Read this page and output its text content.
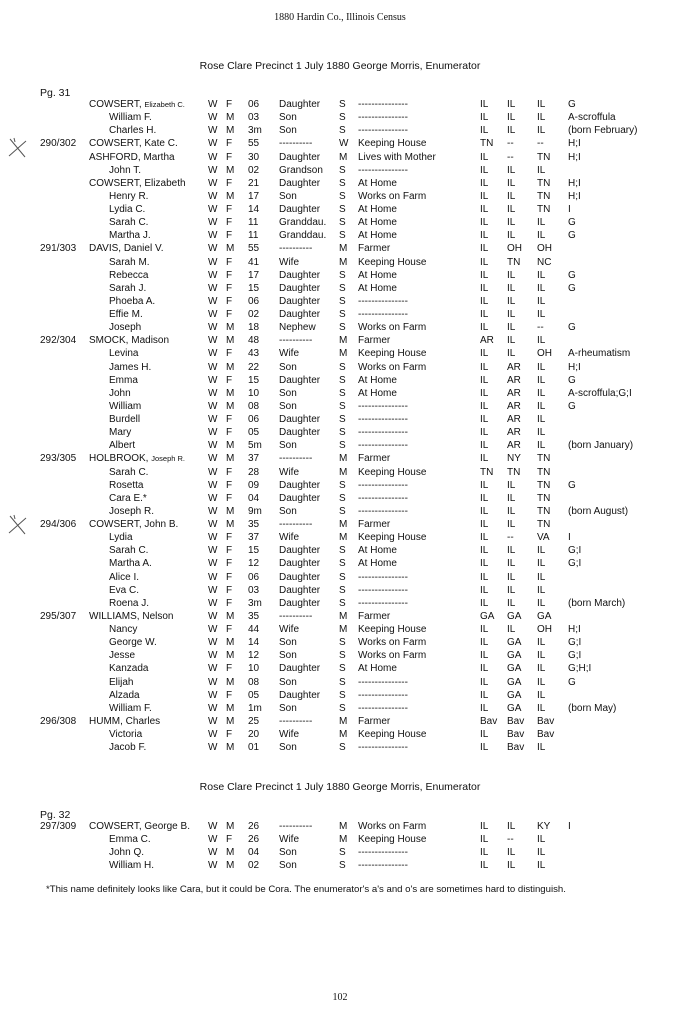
1880 Hardin Co., Illinois Census
Rose Clare Precinct 1 July 1880 George Morris, Enumerator
Pg. 31
COWSERT, Elizabeth C. W F 06 Daughter S ---------------	IL IL IL G
William F.	W M 03 Son	S ---------------	IL IL IL A-scroffula
Charles H.	W M 3m Son	S ---------------	IL IL IL (born February)
290/302 COWSERT, Kate C.	W F 55 ----------	W Keeping House	TN -- -- H;I
ASHFORD, Martha	W F 30 Daughter M Lives with Mother	IL -- TN H;I
John T.	W M 02 Grandson S ---------------	IL IL IL
COWSERT, Elizabeth W F 21 Daughter S At Home	IL IL TN H;I
Henry R.	W M 17 Son	S Works on Farm	IL IL TN H;I
Lydia C.	W F 14 Daughter S At Home	IL IL TN I
Sarah C.	W F 11 Granddau. S At Home	IL IL IL G
Martha J.	W F 11 Granddau. S At Home	IL IL IL G
291/303 DAVIS, Daniel V.	W M 55 ----------	M Farmer	IL OH OH
Sarah M.	W F 41 Wife	M Keeping House	IL TN NC
Rebecca	W F 17 Daughter S At Home	IL IL IL G
Sarah J.	W F 15 Daughter S At Home	IL IL IL G
Phoeba A.	W F 06 Daughter S ---------------	IL IL IL
Effie M.	W F 02 Daughter S ---------------	IL IL IL
Joseph	W M 18 Nephew S Works on Farm	IL IL -- G
292/304 SMOCK, Madison	W M 48 ----------	M Farmer	AR IL IL
Levina	W F 43 Wife	M Keeping House	IL IL OH A-rheumatism
James H.	W M 22 Son	S Works on Farm	IL AR IL H;I
Emma	W F 15 Daughter S At Home	IL AR IL G
John	W M 10 Son	S At Home	IL AR IL A-scroffula;G;I
William	W M 08 Son	S ---------------	IL AR IL G
Burdell	W F 06 Daughter S ---------------	IL AR IL
Mary	W F 05 Daughter S ---------------	IL AR IL
Albert	W M 5m Son	S ---------------	IL AR IL (born January)
293/305 HOLBROOK, Joseph R. W M 37 ----------	M Farmer	IL NY TN
Sarah C.	W F 28 Wife	M Keeping House	TN TN TN
Rosetta	W F 09 Daughter S ---------------	IL IL TN G
Cara E.*	W F 04 Daughter S ---------------	IL IL TN
Joseph R.	W M 9m Son	S ---------------	IL IL TN (born August)
294/306 COWSERT, John B.	W M 35 ----------	M Farmer	IL IL TN
Lydia	W F 37 Wife	M Keeping House	IL -- VA I
Sarah C.	W F 15 Daughter S At Home	IL IL IL G;I
Martha A.	W F 12 Daughter S At Home	IL IL IL G;I
Alice I.	W F 06 Daughter S ---------------	IL IL IL
Eva C.	W F 03 Daughter S ---------------	IL IL IL
Roena J.	W F 3m Daughter S ---------------	IL IL IL (born March)
295/307 WILLIAMS, Nelson	W M 35 ----------	M Farmer	GA GA GA
Nancy	W F 44 Wife	M Keeping House	IL IL OH H;I
George W.	W M 14 Son	S Works on Farm	IL GA IL G;I
Jesse	W M 12 Son	S Works on Farm	IL GA IL G;I
Kanzada	W F 10 Daughter S At Home	IL GA IL G;H;I
Elijah	W M 08 Son	S ---------------	IL GA IL G
Alzada	W F 05 Daughter S ---------------	IL GA IL
William F.	W M 1m Son	S ---------------	IL GA IL (born May)
296/308 HUMM, Charles	W M 25 ----------	M Farmer	Bav Bav Bav
Victoria	W F 20 Wife	M Keeping House	IL Bav Bav
Jacob F.	W M 01 Son	S ---------------	IL Bav IL
Rose Clare Precinct 1 July 1880 George Morris, Enumerator
Pg. 32
297/309 COWSERT, George B. W M 26 ----------	M Works on Farm	IL IL KY I
Emma C.	W F 26 Wife	M Keeping House	IL -- IL
John Q.	W M 04 Son	S ---------------	IL IL IL
William H.	W M 02 Son	S ---------------	IL IL IL
*This name definitely looks like Cara, but it could be Cora. The enumerator's a's and o's are sometimes hard to distinguish.
102
